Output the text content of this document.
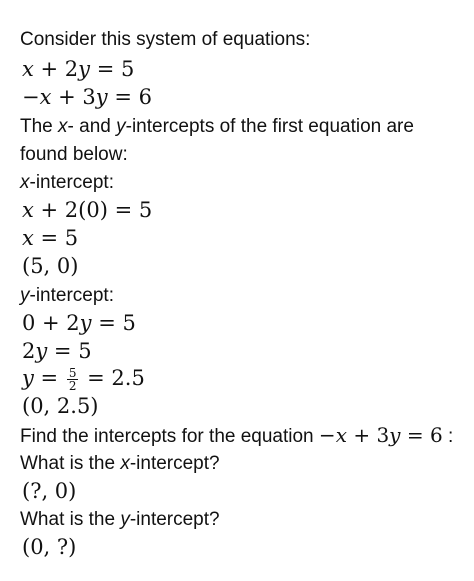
Consider this system of equations:
x + 2y = 5
−x + 3y = 6
The x- and y-intercepts of the first equation are
found below:
x-intercept:
x + 2(0) = 5
x = 5
(5, 0)
y-intercept:
0 + 2y = 5
2y = 5
$y = \frac{5}{2} = 2.5$
(0, 2.5)
Find the intercepts for the equation −x + 3y = 6 :
What is the x-intercept?
(?, 0)
What is the y-intercept?
(0, ?)
